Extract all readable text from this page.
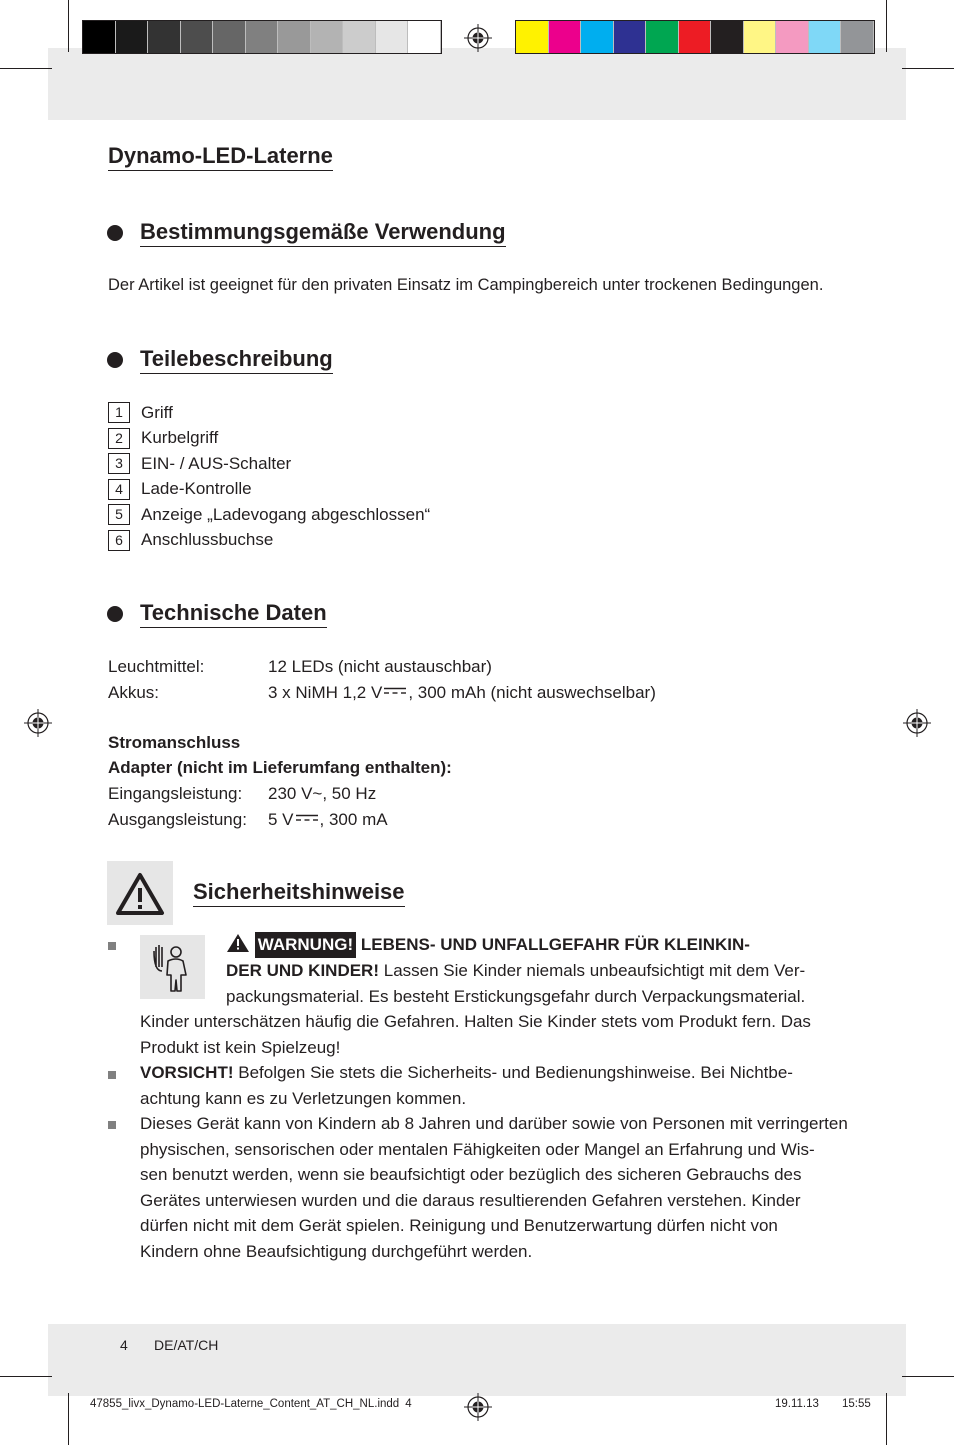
Dynamo-LED-Laterne
Bestimmungsgemäße Verwendung
Der Artikel ist geeignet für den privaten Einsatz im Campingbereich unter trockenen Bedingungen.
Teilebeschreibung
1	Griff
2	Kurbelgriff
3	EIN- / AUS-Schalter
4	Lade-Kontrolle
5	Anzeige „Ladevogang abgeschlossen“
6	Anschlussbuchse
Technische Daten
Leuchtmittel:	12 LEDs (nicht austauschbar)
Akkus:	3 x NiMH 1,2 V , 300 mAh (nicht auswechselbar)
Stromanschluss
Adapter (nicht im Lieferumfang enthalten):
Eingangsleistung:	230 V~, 50 Hz
Ausgangsleistung:	5 V , 300 mA
Sicherheitshinweise
WARNUNG! LEBENS- UND UNFALLGEFAHR FÜR KLEINKIN-
DER UND KINDER! Lassen Sie Kinder niemals unbeaufsichtigt mit dem Ver-
packungsmaterial. Es besteht Erstickungsgefahr durch Verpackungsmaterial.
Kinder unterschätzen häufig die Gefahren. Halten Sie Kinder stets vom Produkt fern. Das
Produkt ist kein Spielzeug!
VORSICHT! Befolgen Sie stets die Sicherheits- und Bedienungshinweise. Bei Nichtbe-
achtung kann es zu Verletzungen kommen.
Dieses Gerät kann von Kindern ab 8 Jahren und darüber sowie von Personen mit verringerten
physischen, sensorischen oder mentalen Fähigkeiten oder Mangel an Erfahrung und Wis-
sen benutzt werden, wenn sie beaufsichtigt oder bezüglich des sicheren Gebrauchs des
Gerätes unterwiesen wurden und die daraus resultierenden Gefahren verstehen. Kinder
dürfen nicht mit dem Gerät spielen. Reinigung und Benutzerwartung dürfen nicht von
Kindern ohne Beaufsichtigung durchgeführt werden.
4 DE/AT/CH
47855_livx_Dynamo-LED-Laterne_Content_AT_CH_NL.indd 4	19.11.13 15:55
